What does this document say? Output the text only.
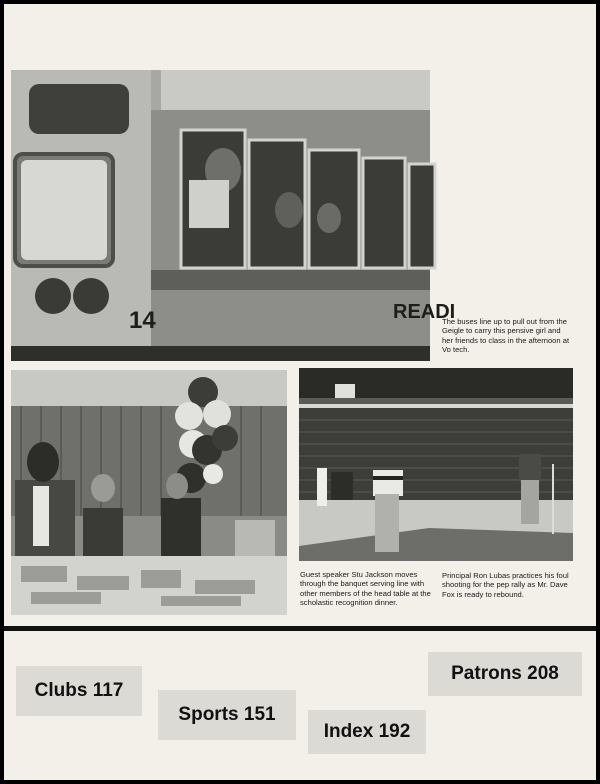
14	READI
The buses line up to pull out from the Geigle to carry this pensive girl and her friends to class in the afternoon at Vo tech.
Guest speaker Stu Jackson moves through the banquet serving line with other members of the head table at the scholastic recognition dinner.
Principal Ron Lubas practices his foul shooting for the pep rally as Mr. Dave Fox is ready to rebound.
Clubs 117
Sports 151
Index 192
Patrons 208
